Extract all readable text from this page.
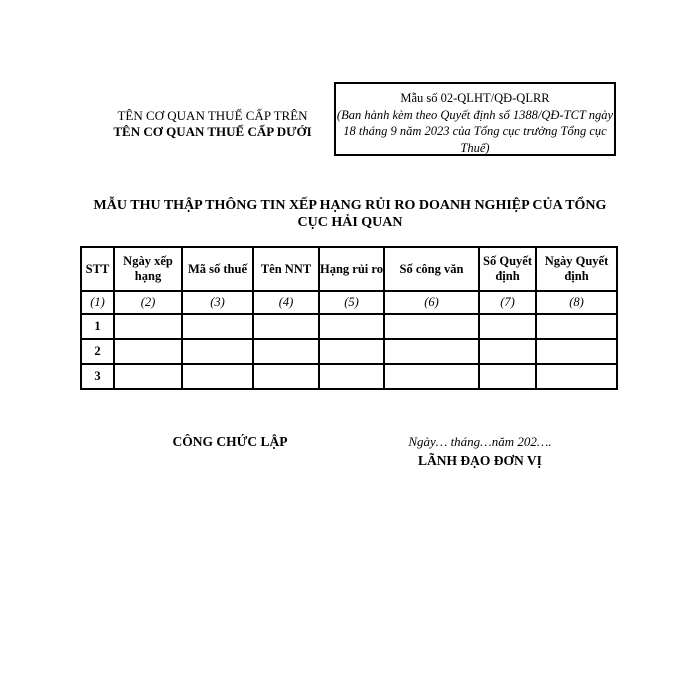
TÊN CƠ QUAN THUẾ CẤP TRÊN
TÊN CƠ QUAN THUẾ CẤP DƯỚI
Mẫu số 02-QLHT/QĐ-QLRR
(Ban hành kèm theo Quyết định số 1388/QĐ-TCT ngày 18 tháng 9 năm 2023 của Tổng cục trưởng Tổng cục Thuế)
MẪU THU THẬP THÔNG TIN XẾP HẠNG RỦI RO DOANH NGHIỆP CỦA TỔNG CỤC HẢI QUAN
STT	Ngày xếp hạng	Mã số thuế	Tên NNT	Hạng rủi ro	Số công văn	Số Quyết định	Ngày Quyết định
(1)	(2)	(3)	(4)	(5)	(6)	(7)	(8)
1							
2							
3							
CÔNG CHỨC LẬP	Ngày… tháng…năm 202….
LÃNH ĐẠO ĐƠN VỊ
